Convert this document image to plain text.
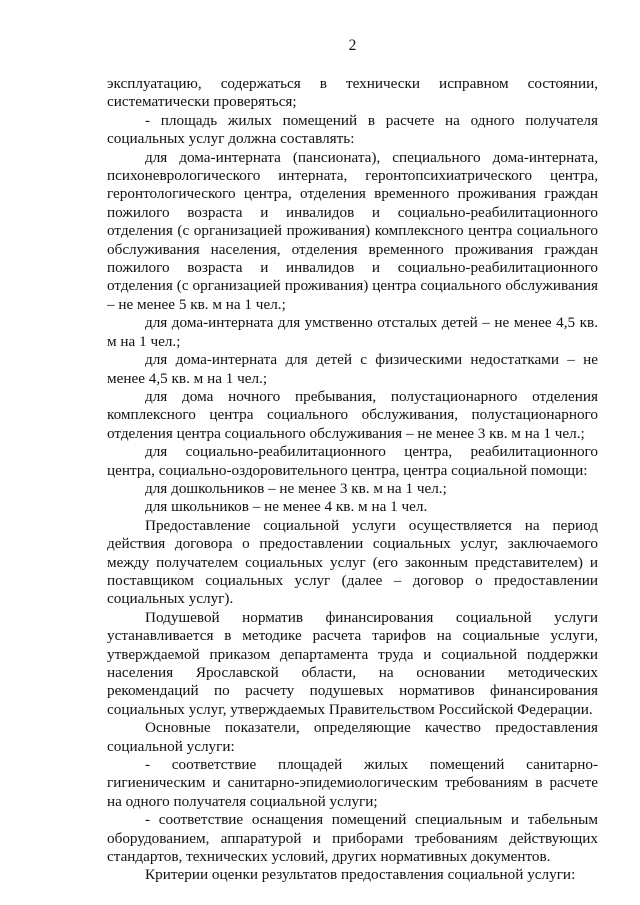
2

эксплуатацию, содержаться в технически исправном состоянии, систематически проверяться;

- площадь жилых помещений в расчете на одного получателя социальных услуг должна составлять:

для дома-интерната (пансионата), специального дома-интерната, психоневрологического интерната, геронтопсихиатрического центра, геронтологического центра, отделения временного проживания граждан пожилого возраста и инвалидов и социально-реабилитационного отделения (с организацией проживания) комплексного центра социального обслуживания населения, отделения временного проживания граждан пожилого возраста и инвалидов и социально-реабилитационного отделения (с организацией проживания) центра социального обслуживания – не менее 5 кв. м на 1 чел.;

для дома-интерната для умственно отсталых детей – не менее 4,5 кв. м на 1 чел.;

для дома-интерната для детей с физическими недостатками – не менее 4,5 кв. м на 1 чел.;

для дома ночного пребывания, полустационарного отделения комплексного центра социального обслуживания, полустационарного отделения центра социального обслуживания – не менее 3 кв. м на 1 чел.;

для социально-реабилитационного центра, реабилитационного центра, социально-оздоровительного центра, центра социальной помощи:

для дошкольников – не менее 3 кв. м на 1 чел.;

для школьников – не менее 4 кв. м на 1 чел.

Предоставление социальной услуги осуществляется на период действия договора о предоставлении социальных услуг, заключаемого между получателем социальных услуг (его законным представителем) и поставщиком социальных услуг (далее – договор о предоставлении социальных услуг).

Подушевой норматив финансирования социальной услуги устанавливается в методике расчета тарифов на социальные услуги, утверждаемой приказом департамента труда и социальной поддержки населения Ярославской области, на основании методических рекомендаций по расчету подушевых нормативов финансирования социальных услуг, утверждаемых Правительством Российской Федерации.

Основные показатели, определяющие качество предоставления социальной услуги:

- соответствие площадей жилых помещений санитарно-гигиеническим и санитарно-эпидемиологическим требованиям в расчете на одного получателя социальной услуги;

- соответствие оснащения помещений специальным и табельным оборудованием, аппаратурой и приборами требованиям действующих стандартов, технических условий, других нормативных документов.

Критерии оценки результатов предоставления социальной услуги:
